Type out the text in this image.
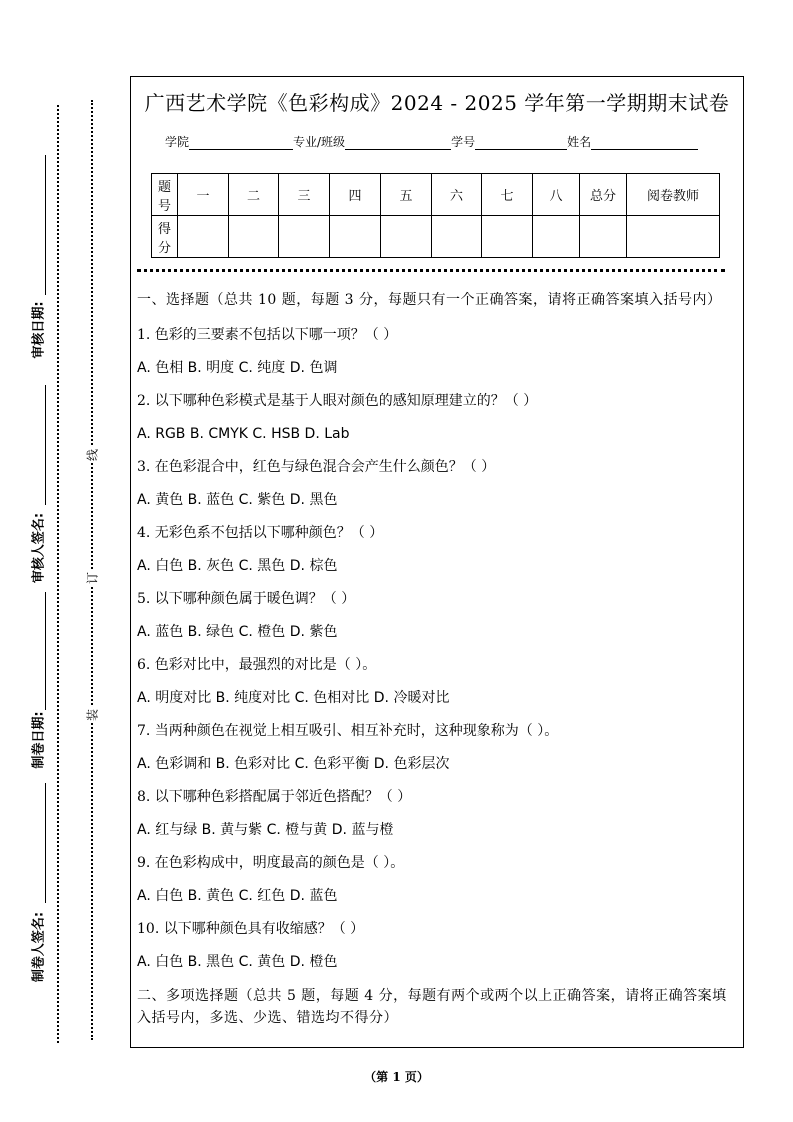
审核日期:
审核人签名:
制卷日期:
制卷人签名:
线
订
装
广西艺术学院《色彩构成》2024 - 2025 学年第一学期期末试卷
学院	专业/班级	学号	姓名
题号	一	二	三	四	五	六	七	八	总分	阅卷教师
得分										
一、选择题（总共 10 题，每题 3 分，每题只有一个正确答案，请将正确答案填入括号内）
1. 色彩的三要素不包括以下哪一项？（ ）
A. 色相 B. 明度 C. 纯度 D. 色调
2. 以下哪种色彩模式是基于人眼对颜色的感知原理建立的？（ ）
A. RGB B. CMYK C. HSB D. Lab
3. 在色彩混合中，红色与绿色混合会产生什么颜色？（ ）
A. 黄色 B. 蓝色 C. 紫色 D. 黑色
4. 无彩色系不包括以下哪种颜色？（ ）
A. 白色 B. 灰色 C. 黑色 D. 棕色
5. 以下哪种颜色属于暖色调？（ ）
A. 蓝色 B. 绿色 C. 橙色 D. 紫色
6. 色彩对比中，最强烈的对比是（ ）。
A. 明度对比 B. 纯度对比 C. 色相对比 D. 冷暖对比
7. 当两种颜色在视觉上相互吸引、相互补充时，这种现象称为（ ）。
A. 色彩调和 B. 色彩对比 C. 色彩平衡 D. 色彩层次
8. 以下哪种色彩搭配属于邻近色搭配？（ ）
A. 红与绿 B. 黄与紫 C. 橙与黄 D. 蓝与橙
9. 在色彩构成中，明度最高的颜色是（ ）。
A. 白色 B. 黄色 C. 红色 D. 蓝色
10. 以下哪种颜色具有收缩感？（ ）
A. 白色 B. 黑色 C. 黄色 D. 橙色
二、多项选择题（总共 5 题，每题 4 分，每题有两个或两个以上正确答案，请将正确答案填入括号内，多选、少选、错选均不得分）
（第 1 页）
